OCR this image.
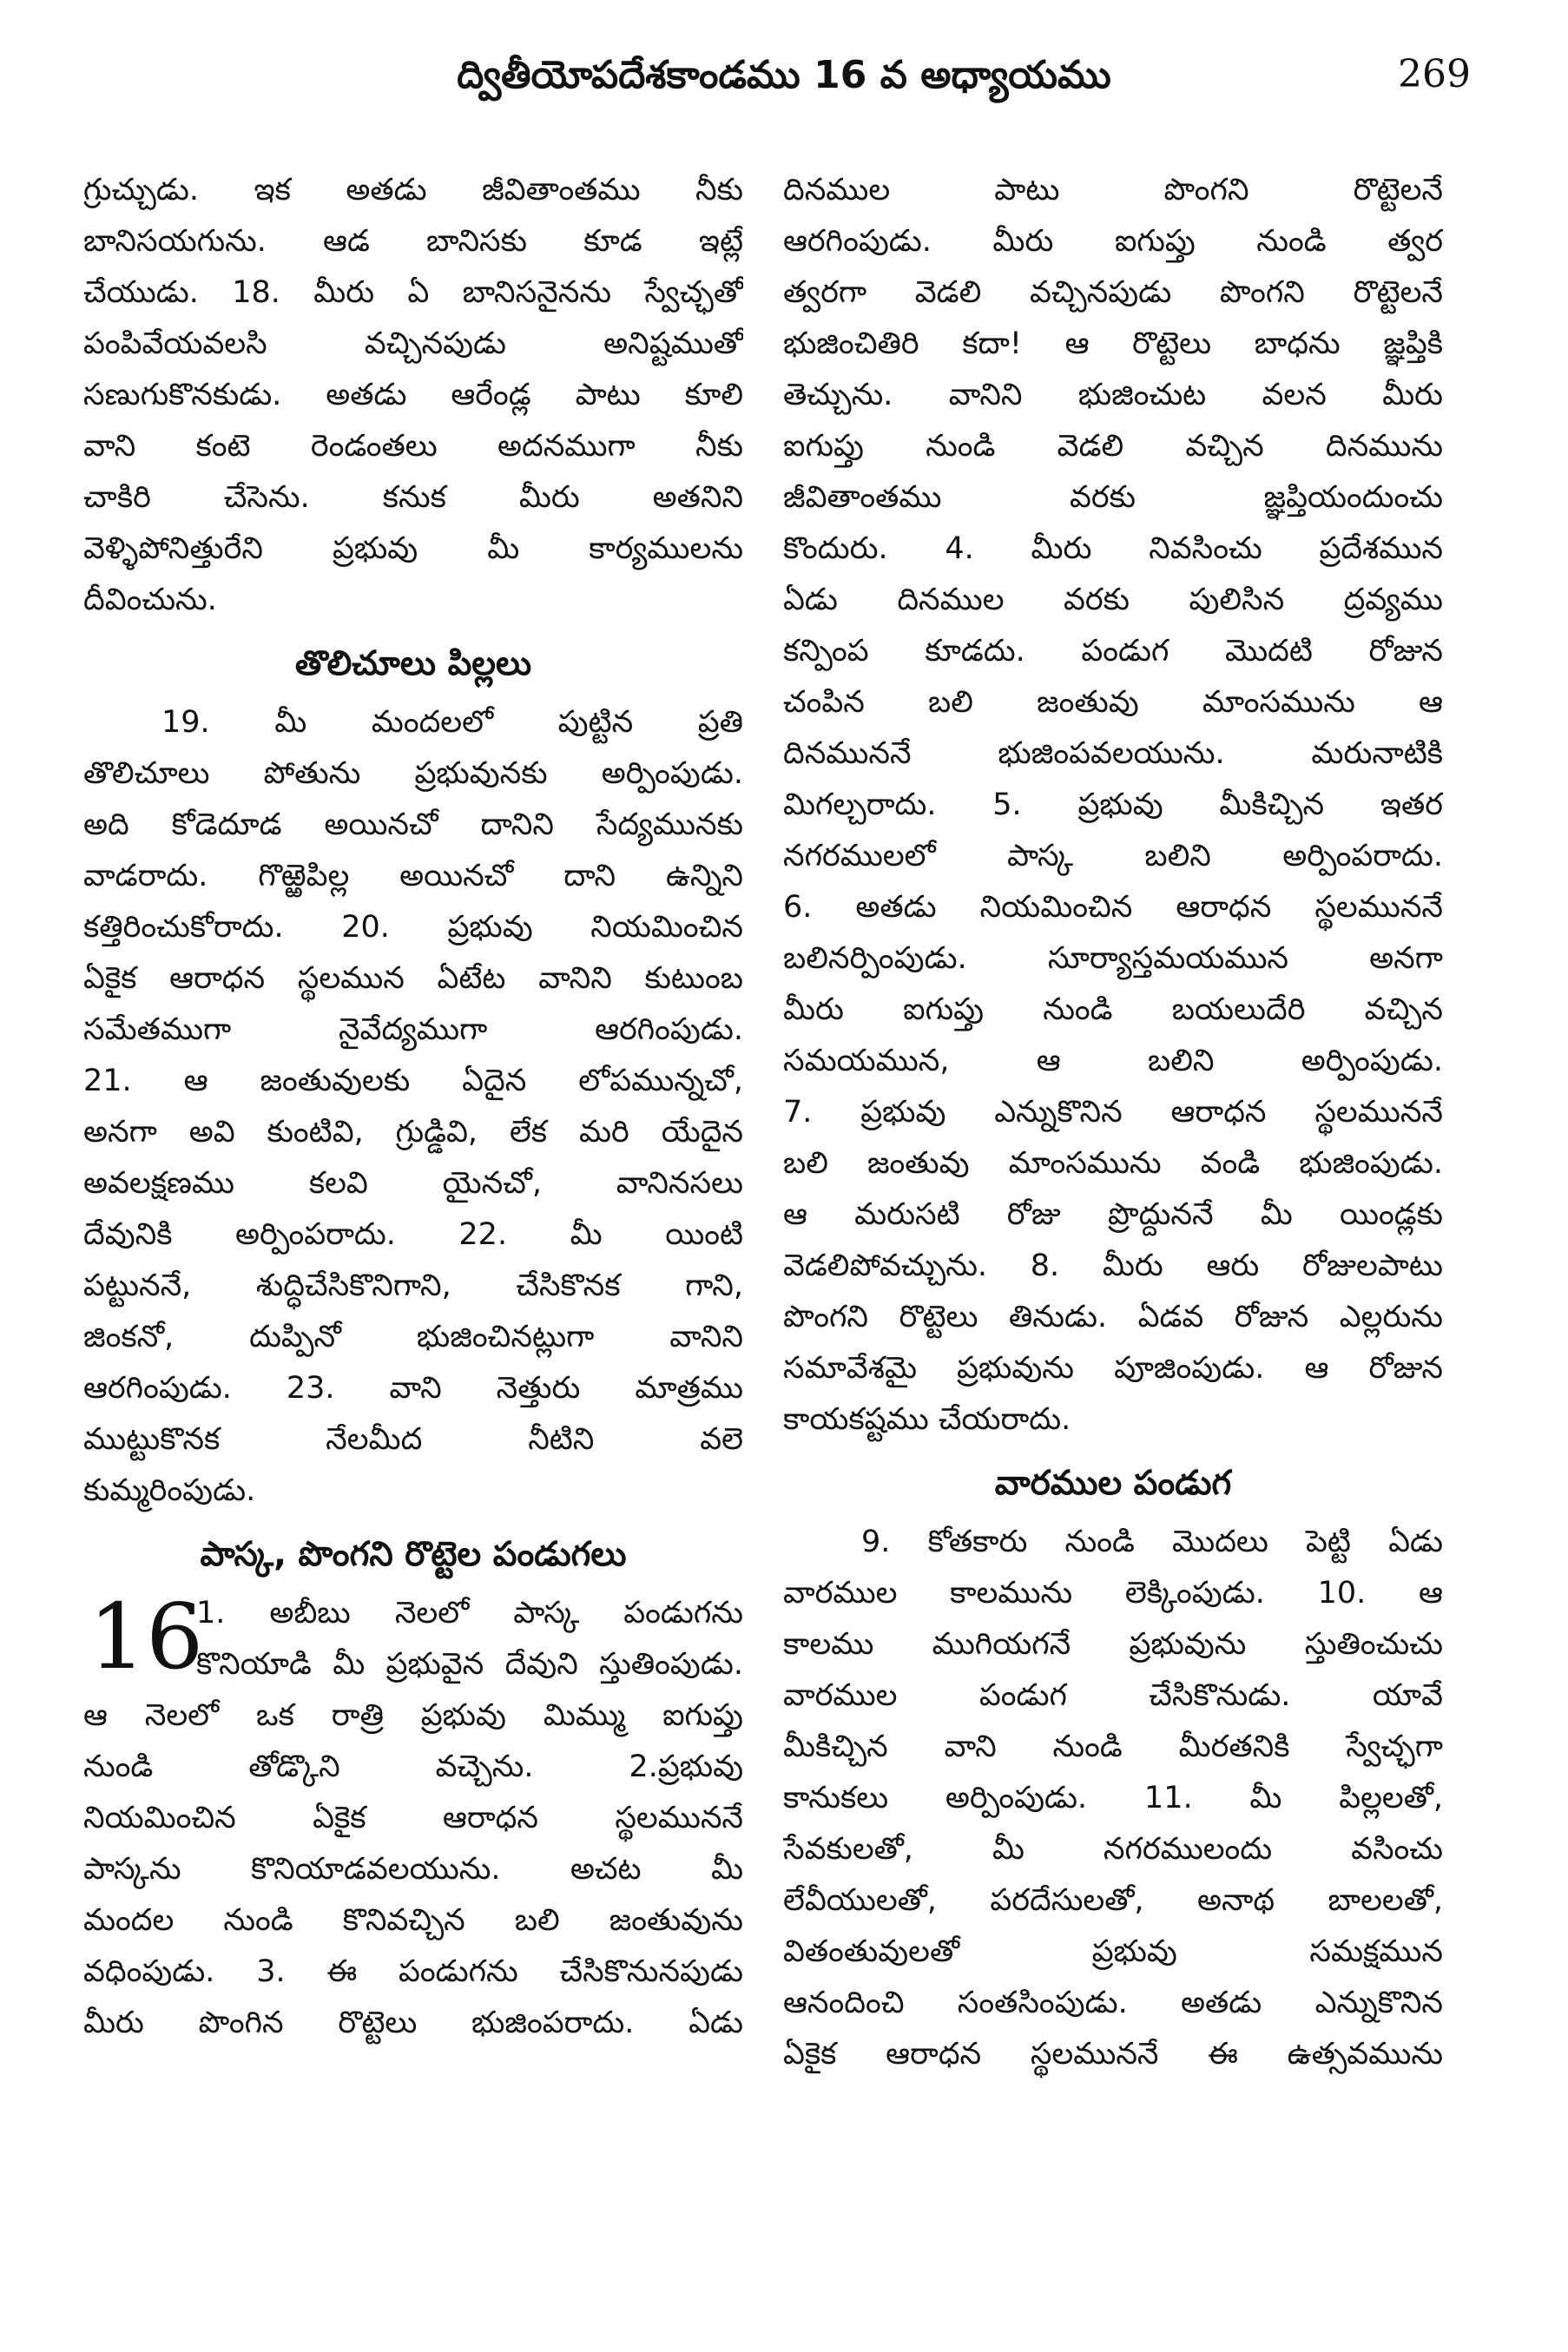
ద్వితీయోపదేశకాండము 16 వ అధ్యాయము	269
గ్రుచ్చుడు. ఇక అతడు జీవితాంతము నీకు
బానిసయగును. ఆడ బానిసకు కూడ ఇట్లే
చేయుడు. 18. మీరు ఏ బానిసనైనను స్వేచ్ఛతో
పంపివేయవలసి వచ్చినపుడు అనిష్టముతో
సణుగుకొనకుడు. అతడు ఆరేండ్ల పాటు కూలి
వాని కంటె రెండంతలు అదనముగా నీకు
చాకిరి చేసెను. కనుక మీరు అతనిని
వెళ్ళిపోనిత్తురేని ప్రభువు మీ కార్యములను
దీవించును.
తొలిచూలు పిల్లలు
19. మీ మందలలో పుట్టిన ప్రతి
తొలిచూలు పోతును ప్రభువునకు అర్పింపుడు.
అది కోడెదూడ అయినచో దానిని సేద్యమునకు
వాడరాదు. గొఱ్ఱెపిల్ల అయినచో దాని ఉన్నిని
కత్తిరించుకోరాదు. 20. ప్రభువు నియమించిన
ఏకైక ఆరాధన స్థలమున ఏటేట వానిని కుటుంబ
సమేతముగా నైవేద్యముగా ఆరగింపుడు.
21. ఆ జంతువులకు ఏదైన లోపమున్నచో,
అనగా అవి కుంటివి, గ్రుడ్డివి, లేక మరి యేదైన
అవలక్షణము కలవి యైనచో, వానినసలు
దేవునికి అర్పింపరాదు. 22. మీ యింటి
పట్టుననే, శుద్ధిచేసికొనిగాని, చేసికొనక గాని,
జింకనో, దుప్పినో భుజించినట్లుగా వానిని
ఆరగింపుడు. 23. వాని నెత్తురు మాత్రము
ముట్టుకొనక నేలమీద నీటిని వలె
కుమ్మరింపుడు.
పాస్క, పొంగని రొట్టెల పండుగలు
16
1. అబీబు నెలలో పాస్క పండుగను
కొనియాడి మీ ప్రభువైన దేవుని స్తుతింపుడు.
ఆ నెలలో ఒక రాత్రి ప్రభువు మిమ్ము ఐగుప్తు
నుండి తోడ్కొని వచ్చెను. 2.ప్రభువు
నియమించిన ఏకైక ఆరాధన స్థలముననే
పాస్కను కొనియాడవలయును. అచట మీ
మందల నుండి కొనివచ్చిన బలి జంతువును
వధింపుడు. 3. ఈ పండుగను చేసికొనునపుడు
మీరు పొంగిన రొట్టెలు భుజింపరాదు. ఏడు
దినముల పాటు పొంగని రొట్టెలనే
ఆరగింపుడు. మీరు ఐగుప్తు నుండి త్వర
త్వరగా వెడలి వచ్చినపుడు పొంగని రొట్టెలనే
భుజించితిరి కదా! ఆ రొట్టెలు బాధను జ్ఞప్తికి
తెచ్చును. వానిని భుజించుట వలన మీరు
ఐగుప్తు నుండి వెడలి వచ్చిన దినమును
జీవితాంతము వరకు జ్ఞప్తియందుంచు
కొందురు. 4. మీరు నివసించు ప్రదేశమున
ఏడు దినముల వరకు పులిసిన ద్రవ్యము
కన్పింప కూడదు. పండుగ మొదటి రోజున
చంపిన బలి జంతువు మాంసమును ఆ
దినముననే భుజింపవలయును. మరునాటికి
మిగల్చరాదు. 5. ప్రభువు మీకిచ్చిన ఇతర
నగరములలో పాస్క బలిని అర్పింపరాదు.
6. అతడు నియమించిన ఆరాధన స్థలముననే
బలినర్పింపుడు. సూర్యాస్తమయమున అనగా
మీరు ఐగుప్తు నుండి బయలుదేరి వచ్చిన
సమయమున, ఆ బలిని అర్పింపుడు.
7. ప్రభువు ఎన్నుకొనిన ఆరాధన స్థలముననే
బలి జంతువు మాంసమును వండి భుజింపుడు.
ఆ మరుసటి రోజు ప్రొద్దుననే మీ యిండ్లకు
వెడలిపోవచ్చును. 8. మీరు ఆరు రోజులపాటు
పొంగని రొట్టెలు తినుడు. ఏడవ రోజున ఎల్లరును
సమావేశమై ప్రభువును పూజింపుడు. ఆ రోజున
కాయకష్టము చేయరాదు.
వారముల పండుగ
9. కోతకారు నుండి మొదలు పెట్టి ఏడు
వారముల కాలమును లెక్కింపుడు. 10. ఆ
కాలము ముగియగనే ప్రభువును స్తుతించుచు
వారముల పండుగ చేసికొనుడు. యావే
మీకిచ్చిన వాని నుండి మీరతనికి స్వేచ్ఛగా
కానుకలు అర్పింపుడు. 11. మీ పిల్లలతో,
సేవకులతో, మీ నగరములందు వసించు
లేవీయులతో, పరదేసులతో, అనాథ బాలలతో,
వితంతువులతో ప్రభువు సమక్షమున
ఆనందించి సంతసింపుడు. అతడు ఎన్నుకొనిన
ఏకైక ఆరాధన స్థలముననే ఈ ఉత్సవమును
